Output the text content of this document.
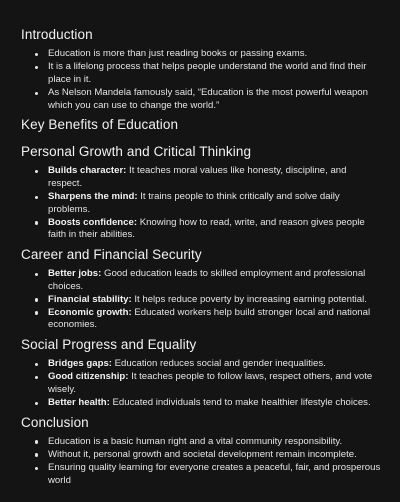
Introduction
Education is more than just reading books or passing exams.
It is a lifelong process that helps people understand the world and find their place in it.
As Nelson Mandela famously said, “Education is the most powerful weapon which you can use to change the world.”
Key Benefits of Education
Personal Growth and Critical Thinking
Builds character: It teaches moral values like honesty, discipline, and respect.
Sharpens the mind: It trains people to think critically and solve daily problems.
Boosts confidence: Knowing how to read, write, and reason gives people faith in their abilities.
Career and Financial Security
Better jobs: Good education leads to skilled employment and professional choices.
Financial stability: It helps reduce poverty by increasing earning potential.
Economic growth: Educated workers help build stronger local and national economies.
Social Progress and Equality
Bridges gaps: Education reduces social and gender inequalities.
Good citizenship: It teaches people to follow laws, respect others, and vote wisely.
Better health: Educated individuals tend to make healthier lifestyle choices.
Conclusion
Education is a basic human right and a vital community responsibility.
Without it, personal growth and societal development remain incomplete.
Ensuring quality learning for everyone creates a peaceful, fair, and prosperous world
